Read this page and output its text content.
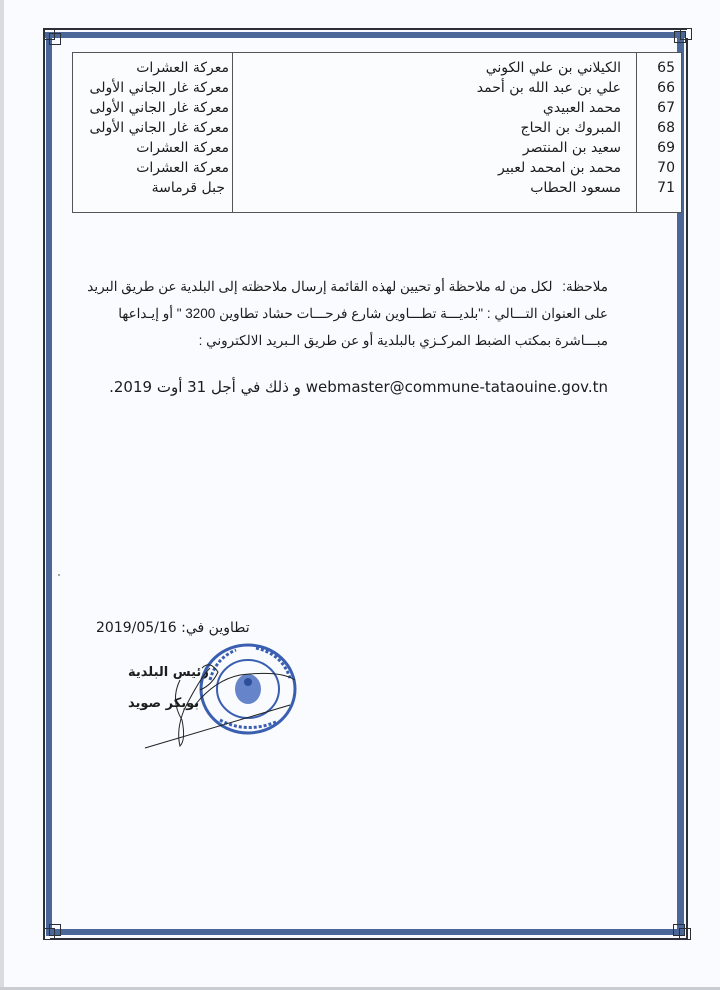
65
الكيلاني بن علي الكوني
معركة العشرات
66
علي بن عبد الله بن أحمد
معركة غار الجاني الأولى
67
محمد العبيدي
معركة غار الجاني الأولى
68
المبروك بن الحاج
معركة غار الجاني الأولى
69
سعيد بن المنتصر
معركة العشرات
70
محمد بن امحمد لعبير
معركة العشرات
71
مسعود الحطاب
جبل قرماسة
ملاحظة: لكل من له ملاحظة أو تحيين لهذه القائمة إرسال ملاحظته إلى البلدية عن طريق البريد
على العنوان التـــالي : "بلديـــة تطـــاوين شارع فرحـــات حشاد تطاوين 3200 " أو إيـداعها
مبـــاشرة بمكتب الضبط المركـزي بالبلدية أو عن طريق الـبريد الالكتروني :
webmaster@commune-tataouine.gov.tn و ذلك في أجل 31 أوت 2019.
تطاوين في: 2019/05/16
رئيس البلدية
بوبكر صويد
